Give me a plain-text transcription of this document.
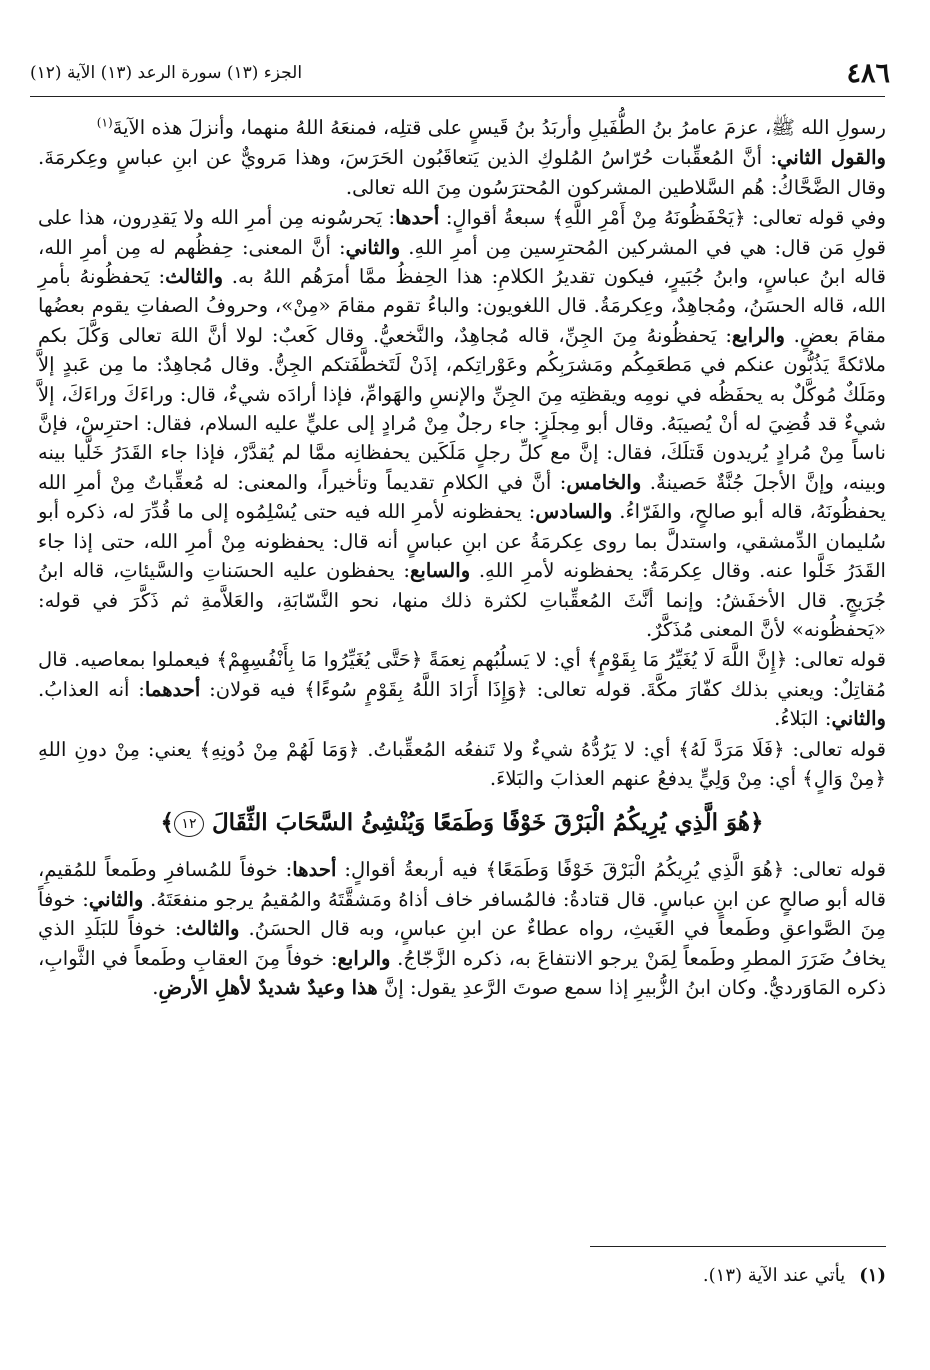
٤٨٦
الجزء (١٣) سورة الرعد (١٣) الآية (١٢)

رسولِ الله ﷺ، عزمَ عامرُ بنُ الطُّفَيلِ وأربَدُ بنُ قَيسٍ على قتلِه، فمنعَهُ اللهُ منهما، وأنزلَ هذه الآيةَ$^{(١)}$

والقول الثاني: أنَّ المُعقِّبات حُرّاسُ المُلوكِ الذين يَتعاقَبُون الحَرَسَ، وهذا مَرويٌّ عن ابنِ عباسٍ وعِكرمَةَ. وقال الضَّحَّاكُ: هُم السَّلاطين المشركون المُحترَسُون مِنَ الله تعالى.

وفي قوله تعالى: ﴿يَحْفَظُونَهُ مِنْ أَمْرِ اللَّهِ﴾ سبعةُ أقوالٍ: أحدها: يَحرسُونه مِن أمرِ الله ولا يَقدِرون، هذا على قولِ مَن قال: هي في المشركين المُحترِسين مِن أمرِ اللهِ. والثاني: أنَّ المعنى: حِفظُهم له مِن أمرِ الله، قاله ابنُ عباسٍ، وابنُ جُبَيرٍ، فيكون تقديرُ الكلامِ: هذا الحِفظُ ممَّا أمرَهُم اللهُ به. والثالث: يَحفظُونهُ بأمرِ الله، قاله الحسَنُ، ومُجاهِدٌ، وعِكرمَةُ. قال اللغويون: والباءُ تقوم مقامَ «مِنْ»، وحروفُ الصفاتِ يقوم بعضُها مقامَ بعضٍ. والرابع: يَحفظُونهُ مِنَ الجِنِّ، قاله مُجاهِدٌ، والنَّخعيُّ. وقال كَعبٌ: لولا أنَّ اللهَ تعالى وَكَّلَ بكم ملائكةً يَذُبُّون عنكم في مَطعَمِكُم ومَشرَبِكُم وعَوْراتِكم، إذَنْ لَتَخطَّفَتكم الجِنُّ. وقال مُجاهِدٌ: ما مِن عَبدٍ إلاَّ ومَلَكٌ مُوكَّلٌ به يحفَظُه في نومِه ويقظتِه مِنَ الجِنِّ والإنسِ والهَوامِّ، فإذا أرادَه شيءٌ، قال: وراءَكَ وراءَكَ، إلاَّ شيءٌ قد قُضِيَ له أنْ يُصيبَهُ. وقال أبو مِجلَزٍ: جاء رجلٌ مِنْ مُرادٍ إلى عليٍّ عليه السلام، فقال: احترِسْ، فإنَّ ناساً مِنْ مُرادٍ يُريدون قَتلَكَ، فقال: إنَّ مع كلِّ رجلٍ مَلَكَين يحفظانِه ممَّا لم يُقدَّرْ، فإذا جاء القَدَرُ خَلَّيا بينه وبينه، وإنَّ الأجلَ جُنَّةٌ حَصينةٌ. والخامس: أنَّ في الكلامِ تقديماً وتأخيراً، والمعنى: له مُعقِّباتٌ مِنْ أمرِ الله يحفظُونَهُ، قاله أبو صالحٍ، والفَرّاءُ. والسادس: يحفظونه لأمرِ الله فيه حتى يُسْلِمُوه إلى ما قُدِّرَ له، ذكره أبو سُليمان الدِّمشقي، واستدلَّ بما روى عِكرمَةُ عن ابنِ عباسٍ أنه قال: يحفظونه مِنْ أمرِ الله، حتى إذا جاء القَدَرُ خَلَّوا عنه. وقال عِكرمَةُ: يحفظونه لأمرِ اللهِ. والسابع: يحفظون عليه الحسَناتِ والسَّيئاتِ، قاله ابنُ جُرَيجٍ. قال الأخفَشُ: وإنما أنَّثَ المُعقِّباتِ لكثرة ذلك منها، نحو النَّسّابَةِ، والعَلاَّمةِ ثم ذَكَّرَ في قوله: «يَحفظُونه» لأنَّ المعنى مُذَكَّرٌ.

قوله تعالى: ﴿إِنَّ اللَّهَ لَا يُغَيِّرُ مَا بِقَوْمٍ﴾ أي: لا يَسلُبُهم نِعمَةً ﴿حَتَّى يُغَيِّرُوا مَا بِأَنْفُسِهِمْ﴾ فيعملوا بمعاصيه. قال مُقاتِلٌ: ويعني بذلك كفّارَ مكَّةَ. قوله تعالى: ﴿وَإِذَا أَرَادَ اللَّهُ بِقَوْمٍ سُوءًا﴾ فيه قولان: أحدهما: أنه العذابُ. والثاني: البَلاءُ.

قوله تعالى: ﴿فَلَا مَرَدَّ لَهُ﴾ أي: لا يَرُدُّهُ شيءٌ ولا تَنفعُه المُعقِّباتُ. ﴿وَمَا لَهُمْ مِنْ دُونِهِ﴾ يعني: مِنْ دونِ اللهِ ﴿مِنْ وَالٍ﴾ أي: مِنْ وَلِيٍّ يدفعُ عنهم العذابَ والبَلاءَ.

﴿هُوَ الَّذِي يُرِيكُمُ الْبَرْقَ خَوْفًا وَطَمَعًا وَيُنْشِئُ السَّحَابَ الثِّقَالَ ١٢﴾

قوله تعالى: ﴿هُوَ الَّذِي يُرِيكُمُ الْبَرْقَ خَوْفًا وَطَمَعًا﴾ فيه أربعةُ أقوالٍ: أحدها: خوفاً للمُسافرِ وطَمعاً للمُقيمِ، قاله أبو صالحٍ عن ابنِ عباسٍ. قال قتادةُ: فالمُسافر خاف أذاهُ ومَشقَّتَهُ والمُقيمُ يرجو منفعَتَهُ. والثاني: خوفاً مِنَ الصَّواعقِ وطَمعاً في الغَيثِ، رواه عطاءٌ عن ابنِ عباسٍ، وبه قال الحسَنُ. والثالث: خوفاً للبَلَدِ الذي يخافُ ضَرَرَ المطرِ وطَمعاً لِمَنْ يرجو الانتفاعَ به، ذكره الزَّجّاجُ. والرابع: خوفاً مِنَ العقابِ وطَمعاً في الثَّوابِ، ذكره المَاوَرديُّ. وكان ابنُ الزُّبيرِ إذا سمع صوتَ الرَّعدِ يقول: إنَّ هذا وعيدٌ شديدٌ لأهلِ الأرضِ.

(١)يأتي عند الآية (١٣).
